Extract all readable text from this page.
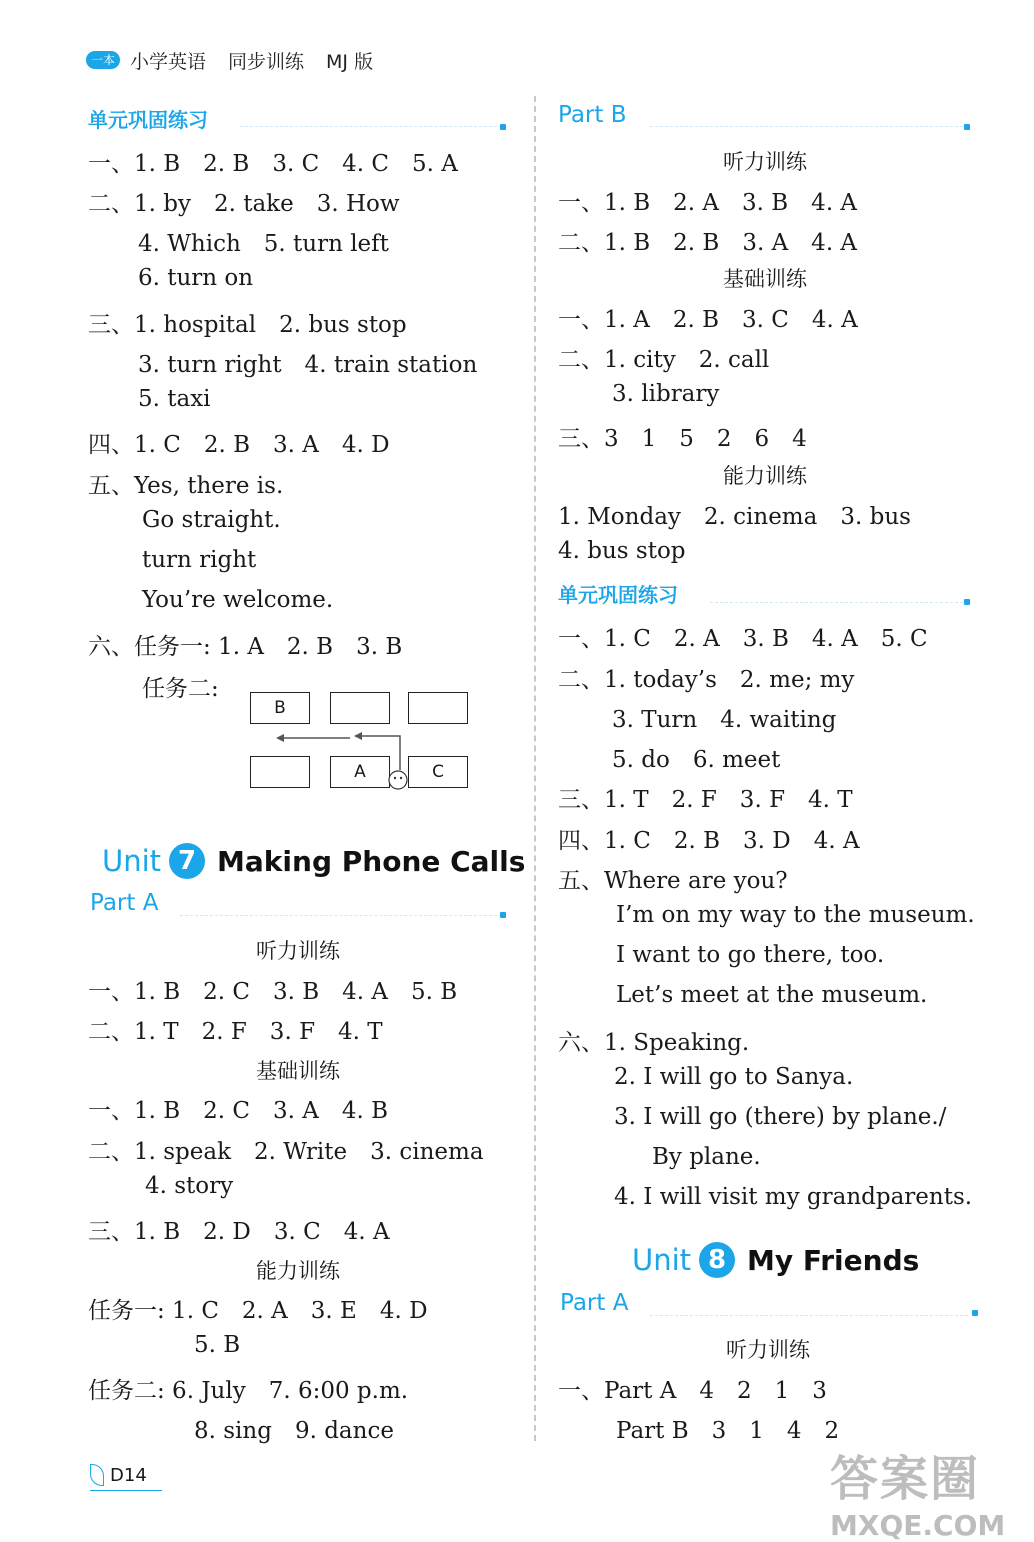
一本 小学英语 同步训练 MJ 版
单元巩固练习
一、1. B　2. B　3. C　4. C　5. A
二、1. by　2. take　3. How
4. Which　5. turn left
6. turn on
三、1. hospital　2. bus stop
3. turn right　4. train station
5. taxi
四、1. C　2. B　3. A　4. D
五、Yes, there is.
Go straight.
turn right
You’re welcome.
六、任务一: 1. A　2. B　3. B
任务二:
B
A	C
Unit 7 Making Phone Calls
Part A
听力训练
一、1. B　2. C　3. B　4. A　5. B
二、1. T　2. F　3. F　4. T
基础训练
一、1. B　2. C　3. A　4. B
二、1. speak　2. Write　3. cinema
4. story
三、1. B　2. D　3. C　4. A
能力训练
任务一: 1. C　2. A　3. E　4. D
5. B
任务二: 6. July　7. 6:00 p.m.
8. sing　9. dance
Part B
听力训练
一、1. B　2. A　3. B　4. A
二、1. B　2. B　3. A　4. A
基础训练
一、1. A　2. B　3. C　4. A
二、1. city　2. call
3. library
三、3　1　5　2　6　4
能力训练
1. Monday　2. cinema　3. bus
4. bus stop
单元巩固练习
一、1. C　2. A　3. B　4. A　5. C
二、1. today’s　2. me; my
3. Turn　4. waiting
5. do　6. meet
三、1. T　2. F　3. F　4. T
四、1. C　2. B　3. D　4. A
五、Where are you?
I’m on my way to the museum.
I want to go there, too.
Let’s meet at the museum.
六、1. Speaking.
2. I will go to Sanya.
3. I will go (there) by plane./
By plane.
4. I will visit my grandparents.
Unit 8 My Friends
Part A
听力训练
一、Part A　4　2　1　3
Part B　3　1　4　2
D14	答案圈
MXQE.COM
